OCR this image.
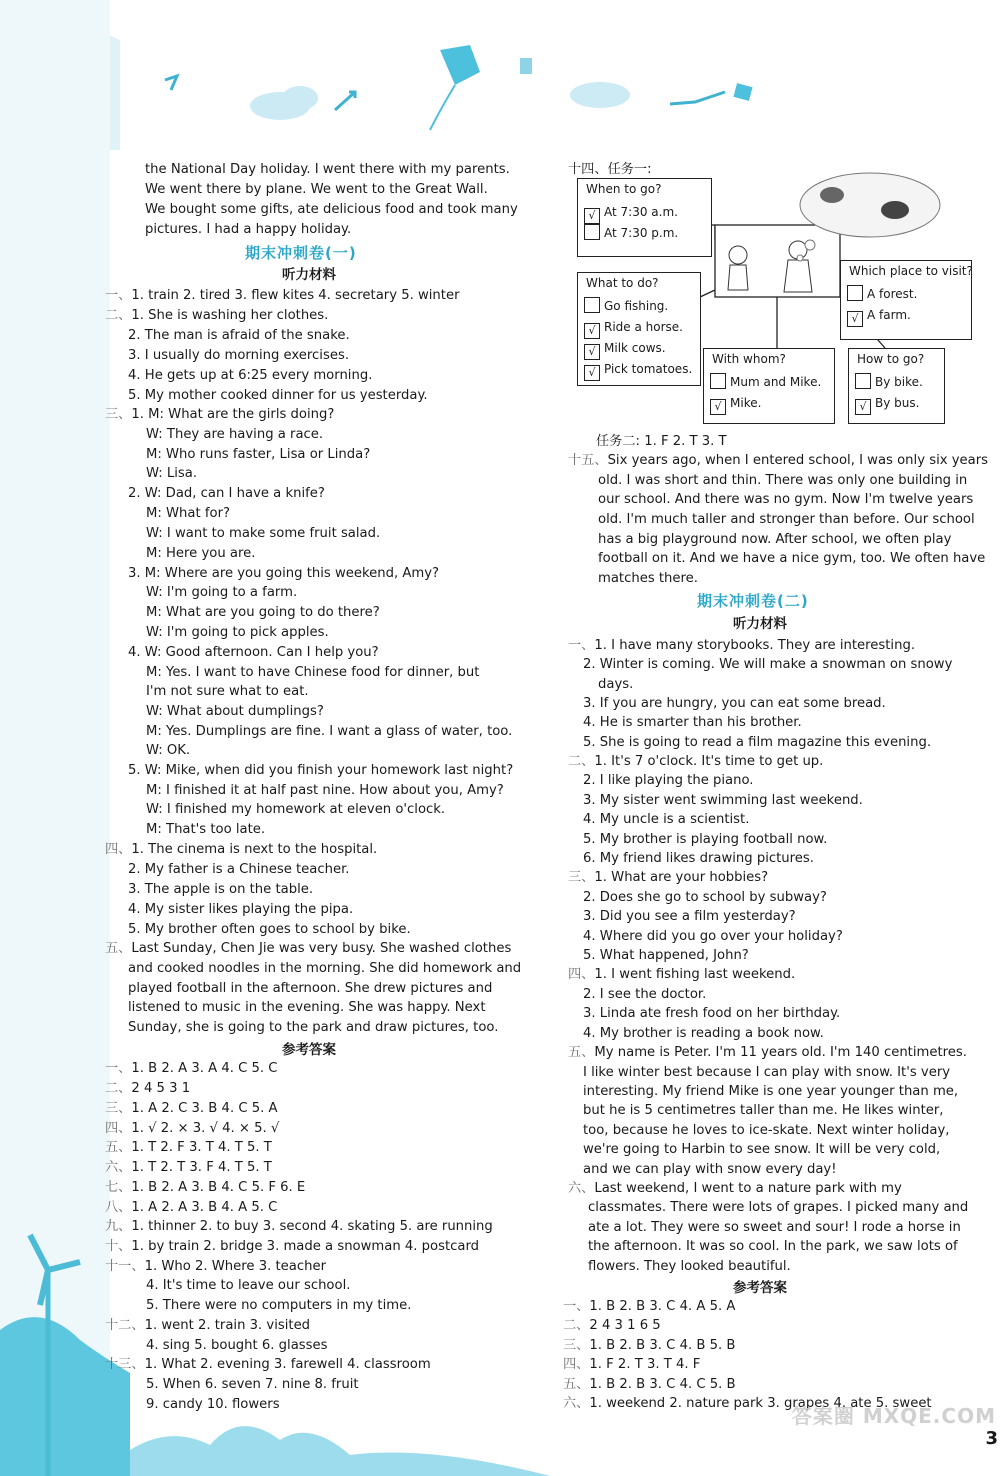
the National Day holiday. I went there with my parents.
We went there by plane. We went to the Great Wall.
We bought some gifts, ate delicious food and took many
pictures. I had a happy holiday.
一、1. train 2. tired 3. flew kites 4. secretary 5. winter
二、1. She is washing her clothes.
2. The man is afraid of the snake.
3. I usually do morning exercises.
4. He gets up at 6:25 every morning.
5. My mother cooked dinner for us yesterday.
三、1. M: What are the girls doing?
W: They are having a race.
M: Who runs faster, Lisa or Linda?
W: Lisa.
2. W: Dad, can I have a knife?
M: What for?
W: I want to make some fruit salad.
M: Here you are.
3. M: Where are you going this weekend, Amy?
W: I'm going to a farm.
M: What are you going to do there?
W: I'm going to pick apples.
4. W: Good afternoon. Can I help you?
M: Yes. I want to have Chinese food for dinner, but
I'm not sure what to eat.
W: What about dumplings?
M: Yes. Dumplings are fine. I want a glass of water, too.
W: OK.
5. W: Mike, when did you finish your homework last night?
M: I finished it at half past nine. How about you, Amy?
W: I finished my homework at eleven o'clock.
M: That's too late.
四、1. The cinema is next to the hospital.
2. My father is a Chinese teacher.
3. The apple is on the table.
4. My sister likes playing the pipa.
5. My brother often goes to school by bike.
五、Last Sunday, Chen Jie was very busy. She washed clothes
and cooked noodles in the morning. She did homework and
played football in the afternoon. She drew pictures and
listened to music in the evening. She was happy. Next
Sunday, she is going to the park and draw pictures, too.
一、1. B 2. A 3. A 4. C 5. C
二、2 4 5 3 1
三、1. A 2. C 3. B 4. C 5. A
四、1. √ 2. × 3. √ 4. × 5. √
五、1. T 2. F 3. T 4. T 5. T
六、1. T 2. T 3. F 4. T 5. T
七、1. B 2. A 3. B 4. C 5. F 6. E
八、1. A 2. A 3. B 4. A 5. C
九、1. thinner 2. to buy 3. second 4. skating 5. are running
十、1. by train 2. bridge 3. made a snowman 4. postcard
十一、1. Who 2. Where 3. teacher
4. It's time to leave our school.
5. There were no computers in my time.
十二、1. went 2. train 3. visited
4. sing 5. bought 6. glasses
十三、1. What 2. evening 3. farewell 4. classroom
5. When 6. seven 7. nine 8. fruit
9. candy 10. flowers
期末冲刺卷(一)
听力材料
参考答案
十四、任务一:
任务二: 1. F 2. T 3. T
十五、Six years ago, when I entered school, I was only six years
old. I was short and thin. There was only one building in
our school. And there was no gym. Now I'm twelve years
old. I'm much taller and stronger than before. Our school
has a big playground now. After school, we often play
football on it. And we have a nice gym, too. We often have
matches there.
一、1. I have many storybooks. They are interesting.
2. Winter is coming. We will make a snowman on snowy
days.
3. If you are hungry, you can eat some bread.
4. He is smarter than his brother.
5. She is going to read a film magazine this evening.
二、1. It's 7 o'clock. It's time to get up.
2. I like playing the piano.
3. My sister went swimming last weekend.
4. My uncle is a scientist.
5. My brother is playing football now.
6. My friend likes drawing pictures.
三、1. What are your hobbies?
2. Does she go to school by subway?
3. Did you see a film yesterday?
4. Where did you go over your holiday?
5. What happened, John?
四、1. I went fishing last weekend.
2. I see the doctor.
3. Linda ate fresh food on her birthday.
4. My brother is reading a book now.
五、My name is Peter. I'm 11 years old. I'm 140 centimetres.
I like winter best because I can play with snow. It's very
interesting. My friend Mike is one year younger than me,
but he is 5 centimetres taller than me. He likes winter,
too, because he loves to ice-skate. Next winter holiday,
we're going to Harbin to see snow. It will be very cold,
and we can play with snow every day!
六、Last weekend, I went to a nature park with my
classmates. There were lots of grapes. I picked many and
ate a lot. They were so sweet and sour! I rode a horse in
the afternoon. It was so cool. In the park, we saw lots of
flowers. They looked beautiful.
一、1. B 2. B 3. C 4. A 5. A
二、2 4 3 1 6 5
三、1. B 2. B 3. C 4. B 5. B
四、1. F 2. T 3. T 4. F
五、1. B 2. B 3. C 4. C 5. B
六、1. weekend 2. nature park 3. grapes 4. ate 5. sweet
期末冲刺卷(二)
听力材料
参考答案
When to go?
√ At 7:30 a.m.
At 7:30 p.m.
What to do?
Go fishing.
√ Ride a horse.
√ Milk cows.
√ Pick tomatoes.
Which place to visit?
A forest.
√ A farm.
With whom?
Mum and Mike.
√ Mike.
How to go?
By bike.
√ By bus.
答案圈 MXQE.COM
3
